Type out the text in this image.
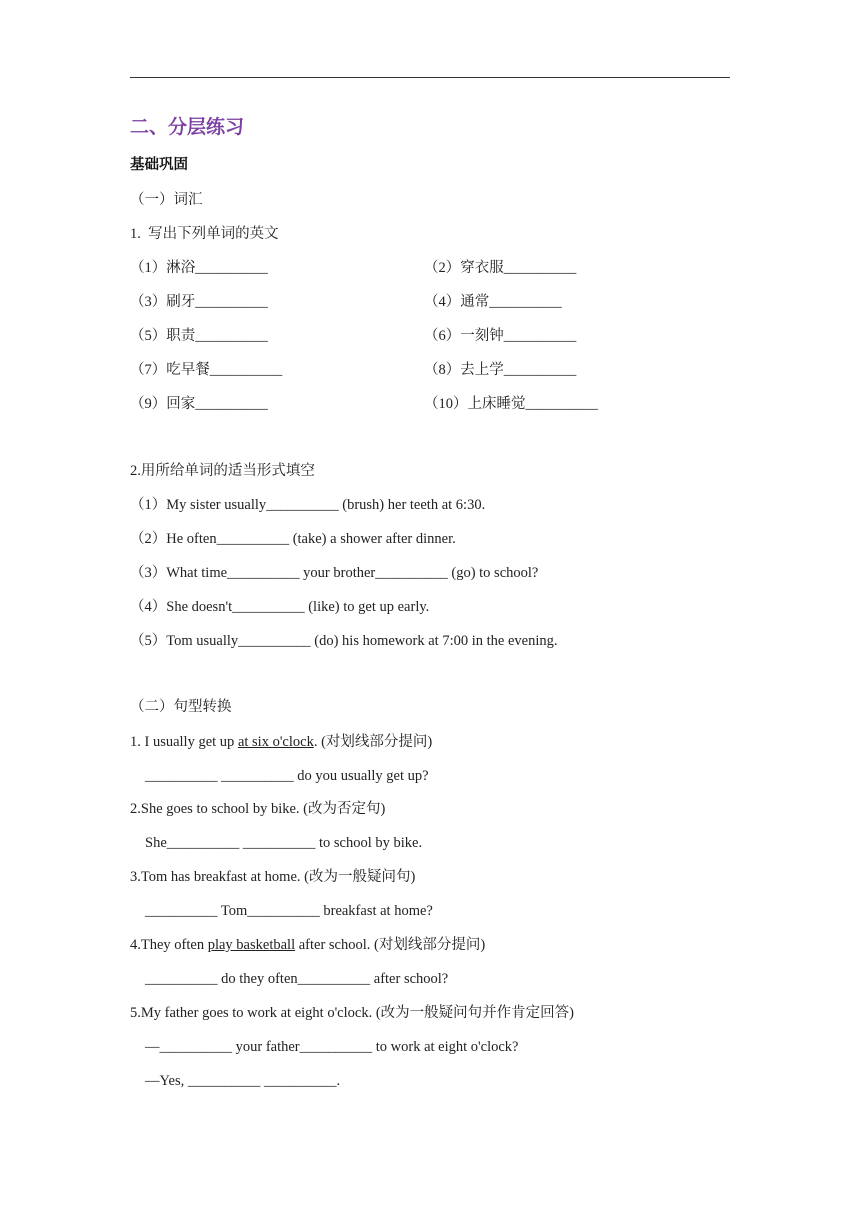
二、分层练习
基础巩固
（一）词汇
1.  写出下列单词的英文
（1）淋浴__________	（2）穿衣服__________
（3）刷牙__________	（4）通常__________
（5）职责__________	（6）一刻钟__________
（7）吃早餐__________	（8）去上学__________
（9）回家__________	（10）上床睡觉__________
2.用所给单词的适当形式填空
（1）My sister usually__________ (brush) her teeth at 6:30.
（2）He often__________ (take) a shower after dinner.
（3）What time__________ your brother__________ (go) to school?
（4）She doesn't__________ (like) to get up early.
（5）Tom usually__________ (do) his homework at 7:00 in the evening.
（二）句型转换
1. I usually get up at six o'clock. (对划线部分提问)
__________ __________ do you usually get up?
2.She goes to school by bike. (改为否定句)
She__________ __________ to school by bike.
3.Tom has breakfast at home. (改为一般疑问句)
__________ Tom__________ breakfast at home?
4.They often play basketball after school. (对划线部分提问)
__________ do they often__________ after school?
5.My father goes to work at eight o'clock. (改为一般疑问句并作肯定回答)
—__________ your father__________ to work at eight o'clock?
—Yes, __________ __________.
